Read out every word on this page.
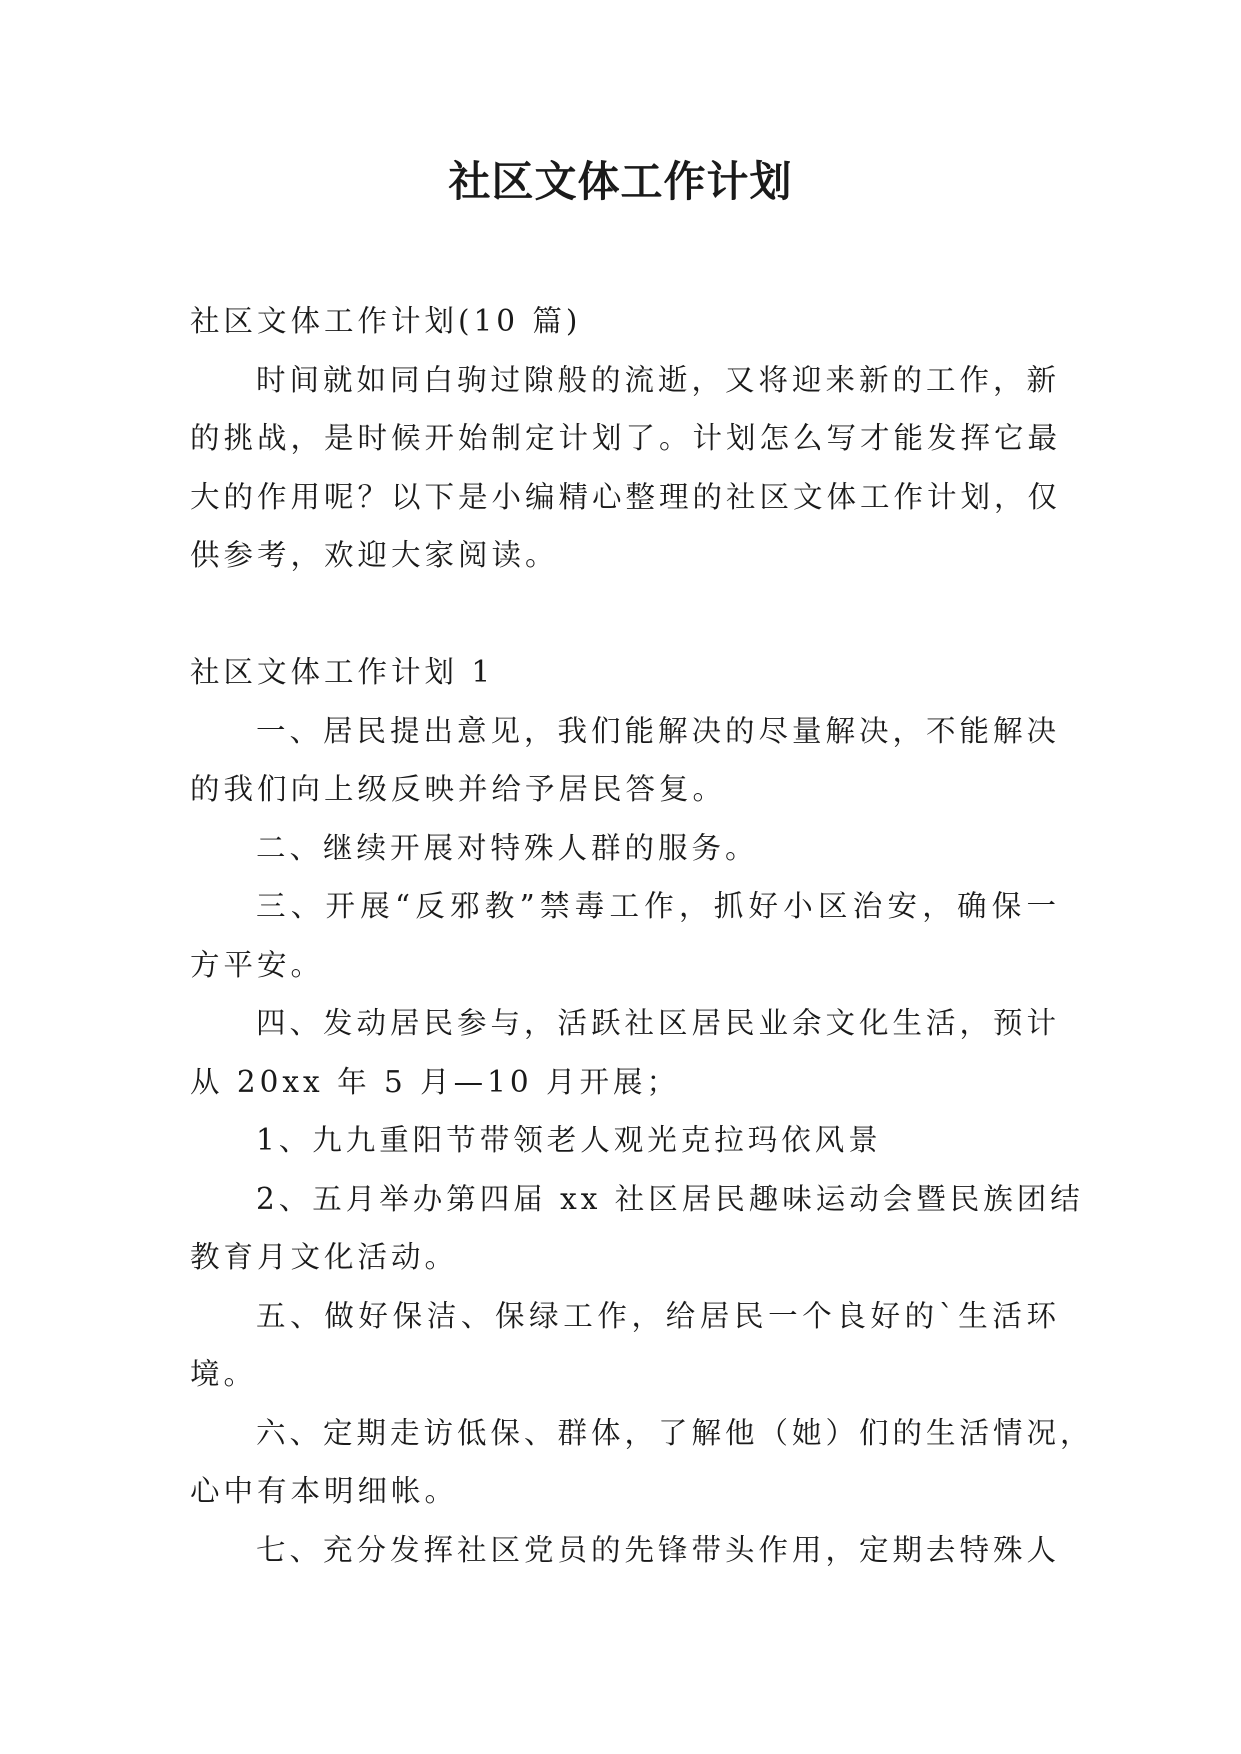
社区文体工作计划
社区文体工作计划(10 篇)
时间就如同白驹过隙般的流逝，又将迎来新的工作，新
的挑战，是时候开始制定计划了。计划怎么写才能发挥它最
大的作用呢？以下是小编精心整理的社区文体工作计划，仅
供参考，欢迎大家阅读。
社区文体工作计划 1
一、居民提出意见，我们能解决的尽量解决，不能解决
的我们向上级反映并给予居民答复。
二、继续开展对特殊人群的服务。
三、开展“反邪教”禁毒工作，抓好小区治安，确保一
方平安。
四、发动居民参与，活跃社区居民业余文化生活，预计
从 20xx 年 5 月—10 月开展；
1、九九重阳节带领老人观光克拉玛依风景
2、五月举办第四届 xx 社区居民趣味运动会暨民族团结
教育月文化活动。
五、做好保洁、保绿工作，给居民一个良好的`生活环
境。
六、定期走访低保、群体，了解他（她）们的生活情况，
心中有本明细帐。
七、充分发挥社区党员的先锋带头作用，定期去特殊人
